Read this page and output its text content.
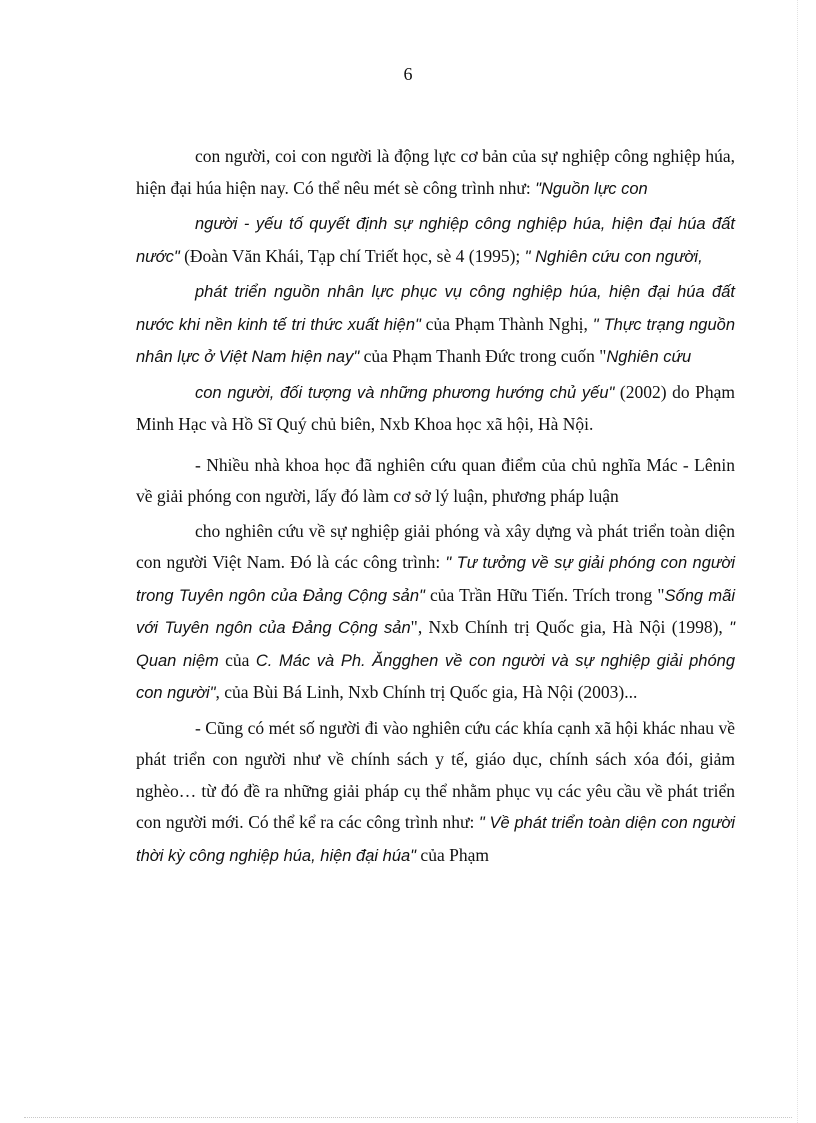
6

con người, coi con người là động lực cơ bản của sự nghiệp công nghiệp húa, hiện đại húa hiện nay. Có thể nêu mét sè công trình như: "Nguồn lực con

người - yếu tố quyết định sự nghiệp công nghiệp húa, hiện đại húa đất nước" (Đoàn Văn Khái, Tạp chí Triết học, sè 4 (1995); " Nghiên cứu con người,

phát triển nguồn nhân lực phục vụ công nghiệp húa, hiện đại húa đất nước khi nền kinh tế tri thức xuất hiện" của Phạm Thành Nghị, " Thực trạng nguồn nhân lực ở Việt Nam hiện nay" của Phạm Thanh Đức trong cuốn "Nghiên cứu

con người, đối tượng và những phương hướng chủ yếu" (2002) do Phạm Minh Hạc và Hồ Sĩ Quý chủ biên, Nxb Khoa học xã hội, Hà Nội.

- Nhiều nhà khoa học đã nghiên cứu quan điểm của chủ nghĩa Mác - Lênin về giải phóng con người, lấy đó làm cơ sở lý luận, phương pháp luận

cho nghiên cứu về sự nghiệp giải phóng và xây dựng và phát triển toàn diện con người Việt Nam. Đó là các công trình: " Tư tưởng về sự giải phóng con người trong Tuyên ngôn của Đảng Cộng sản" của Trần Hữu Tiến. Trích trong "Sống mãi với Tuyên ngôn của Đảng Cộng sản", Nxb Chính trị Quốc gia, Hà Nội (1998), " Quan niệm của C. Mác và Ph. Ăngghen về con người và sự nghiệp giải phóng con người", của Bùi Bá Linh, Nxb Chính trị Quốc gia, Hà Nội (2003)...

- Cũng có mét số người đi vào nghiên cứu các khía cạnh xã hội khác nhau về phát triển con người như về chính sách y tế, giáo dục, chính sách xóa đói, giảm nghèo… từ đó đề ra những giải pháp cụ thể nhằm phục vụ các yêu cầu về phát triển con người mới. Có thể kể ra các công trình như: " Về phát triển toàn diện con người thời kỳ công nghiệp húa, hiện đại húa" của Phạm
